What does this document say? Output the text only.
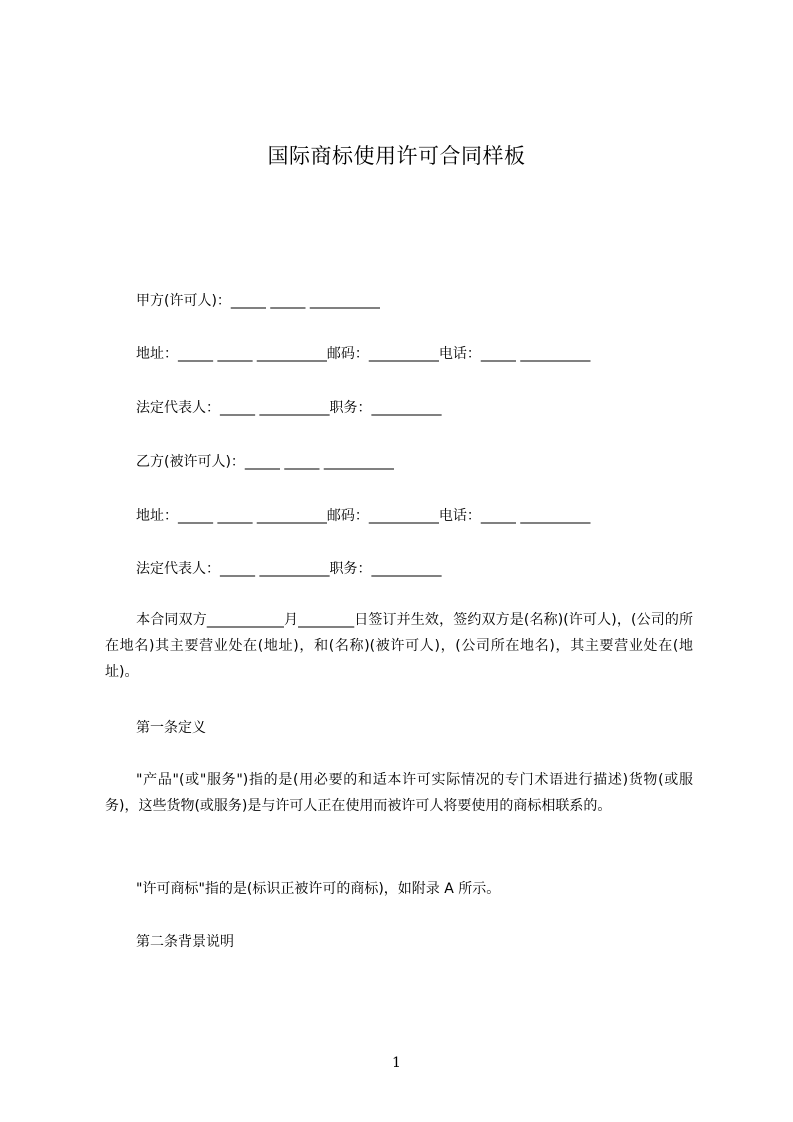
国际商标使用许可合同样板
甲方(许可人)：_____ _____ __________
地址：_____ _____ __________邮码：__________电话：_____ __________
法定代表人：_____ __________职务：__________
乙方(被许可人)：_____ _____ __________
地址：_____ _____ __________邮码：__________电话：_____ __________
法定代表人：_____ __________职务：__________
本合同双方___________月________日签订并生效，签约双方是(名称)(许可人)，(公司的所在地名)其主要营业处在(地址)，和(名称)(被许可人)，(公司所在地名)，其主要营业处在(地址)。
第一条定义
"产品"(或"服务")指的是(用必要的和适本许可实际情况的专门术语进行描述)货物(或服务)，这些货物(或服务)是与许可人正在使用而被许可人将要使用的商标相联系的。
"许可商标"指的是(标识正被许可的商标)，如附录 A 所示。
第二条背景说明
1
